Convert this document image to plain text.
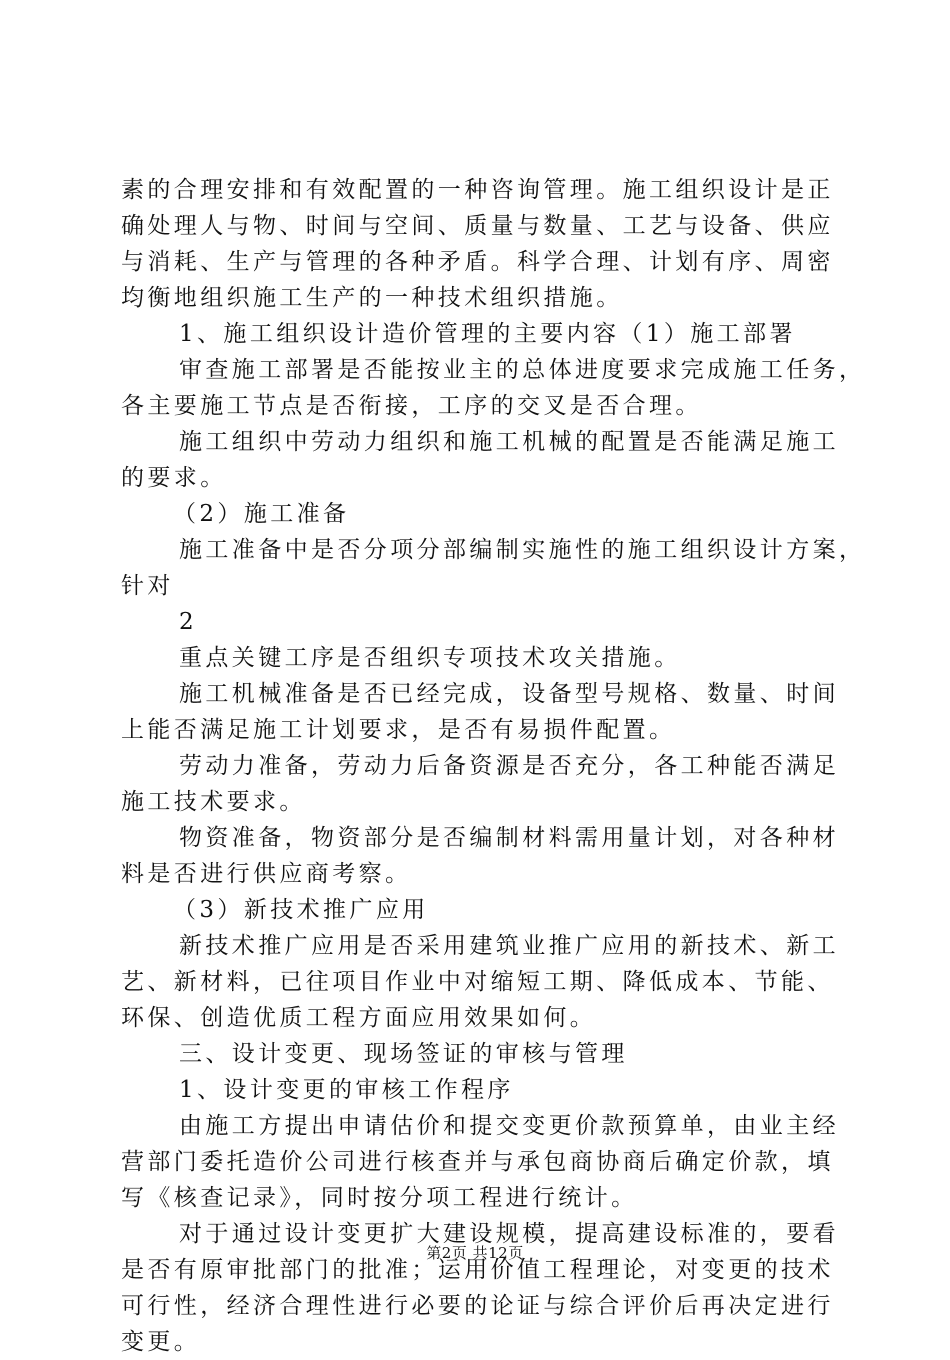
素的合理安排和有效配置的一种咨询管理。施工组织设计是正
确处理人与物、时间与空间、质量与数量、工艺与设备、供应
与消耗、生产与管理的各种矛盾。科学合理、计划有序、周密
均衡地组织施工生产的一种技术组织措施。
1、施工组织设计造价管理的主要内容（1）施工部署
审查施工部署是否能按业主的总体进度要求完成施工任务，
各主要施工节点是否衔接，工序的交叉是否合理。
施工组织中劳动力组织和施工机械的配置是否能满足施工
的要求。
（2）施工准备
施工准备中是否分项分部编制实施性的施工组织设计方案，
针对
2
重点关键工序是否组织专项技术攻关措施。
施工机械准备是否已经完成，设备型号规格、数量、时间
上能否满足施工计划要求，是否有易损件配置。
劳动力准备，劳动力后备资源是否充分，各工种能否满足
施工技术要求。
物资准备，物资部分是否编制材料需用量计划，对各种材
料是否进行供应商考察。
（3）新技术推广应用
新技术推广应用是否采用建筑业推广应用的新技术、新工
艺、新材料，已往项目作业中对缩短工期、降低成本、节能、
环保、创造优质工程方面应用效果如何。
三、设计变更、现场签证的审核与管理
1、设计变更的审核工作程序
由施工方提出申请估价和提交变更价款预算单，由业主经
营部门委托造价公司进行核查并与承包商协商后确定价款，填
写《核查记录》，同时按分项工程进行统计。
对于通过设计变更扩大建设规模，提高建设标准的，要看
是否有原审批部门的批准；运用价值工程理论，对变更的技术
可行性，经济合理性进行必要的论证与综合评价后再决定进行
变更。
第2页 共12页
